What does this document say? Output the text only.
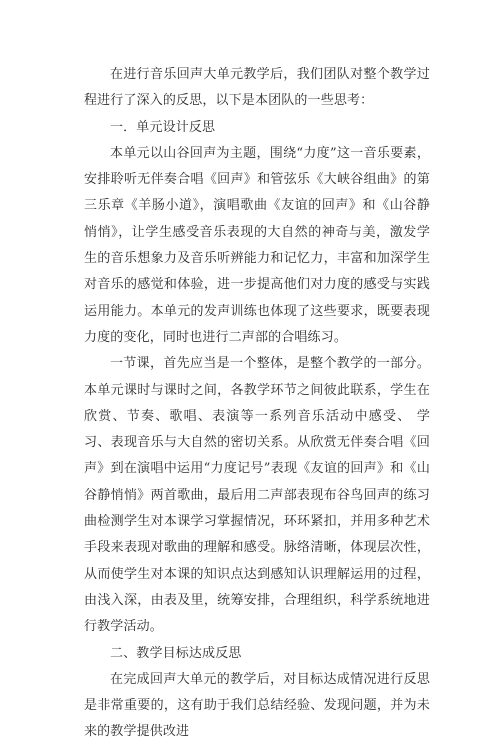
在进行音乐回声大单元教学后，我们团队对整个教学过程进行了深入的反思，以下是本团队的一些思考：

一．单元设计反思

本单元以山谷回声为主题，围绕“力度”这一音乐要素，安排聆听无伴奏合唱《回声》和管弦乐《大峡谷组曲》的第三乐章《羊肠小道》，演唱歌曲《友谊的回声》和《山谷静悄悄》，让学生感受音乐表现的大自然的神奇与美，激发学生的音乐想象力及音乐听辨能力和记忆力，丰富和加深学生对音乐的感觉和体验，进一步提高他们对力度的感受与实践运用能力。本单元的发声训练也体现了这些要求，既要表现力度的变化，同时也进行二声部的合唱练习。

一节课，首先应当是一个整体，是整个教学的一部分。本单元课时与课时之间，各教学环节之间彼此联系，学生在欣赏、节奏、歌唱、表演等一系列音乐活动中感受、 学习、表现音乐与大自然的密切关系。从欣赏无伴奏合唱《回声》到在演唱中运用“力度记号”表现《友谊的回声》和《山谷静悄悄》两首歌曲，最后用二声部表现布谷鸟回声的练习曲检测学生对本课学习掌握情况，环环紧扣，并用多种艺术手段来表现对歌曲的理解和感受。脉络清晰，体现层次性，从而使学生对本课的知识点达到感知认识理解运用的过程，由浅入深，由表及里，统筹安排，合理组织，科学系统地进行教学活动。

二、教学目标达成反思

在完成回声大单元的教学后，对目标达成情况进行反思是非常重要的，这有助于我们总结经验、发现问题，并为未来的教学提供改进
